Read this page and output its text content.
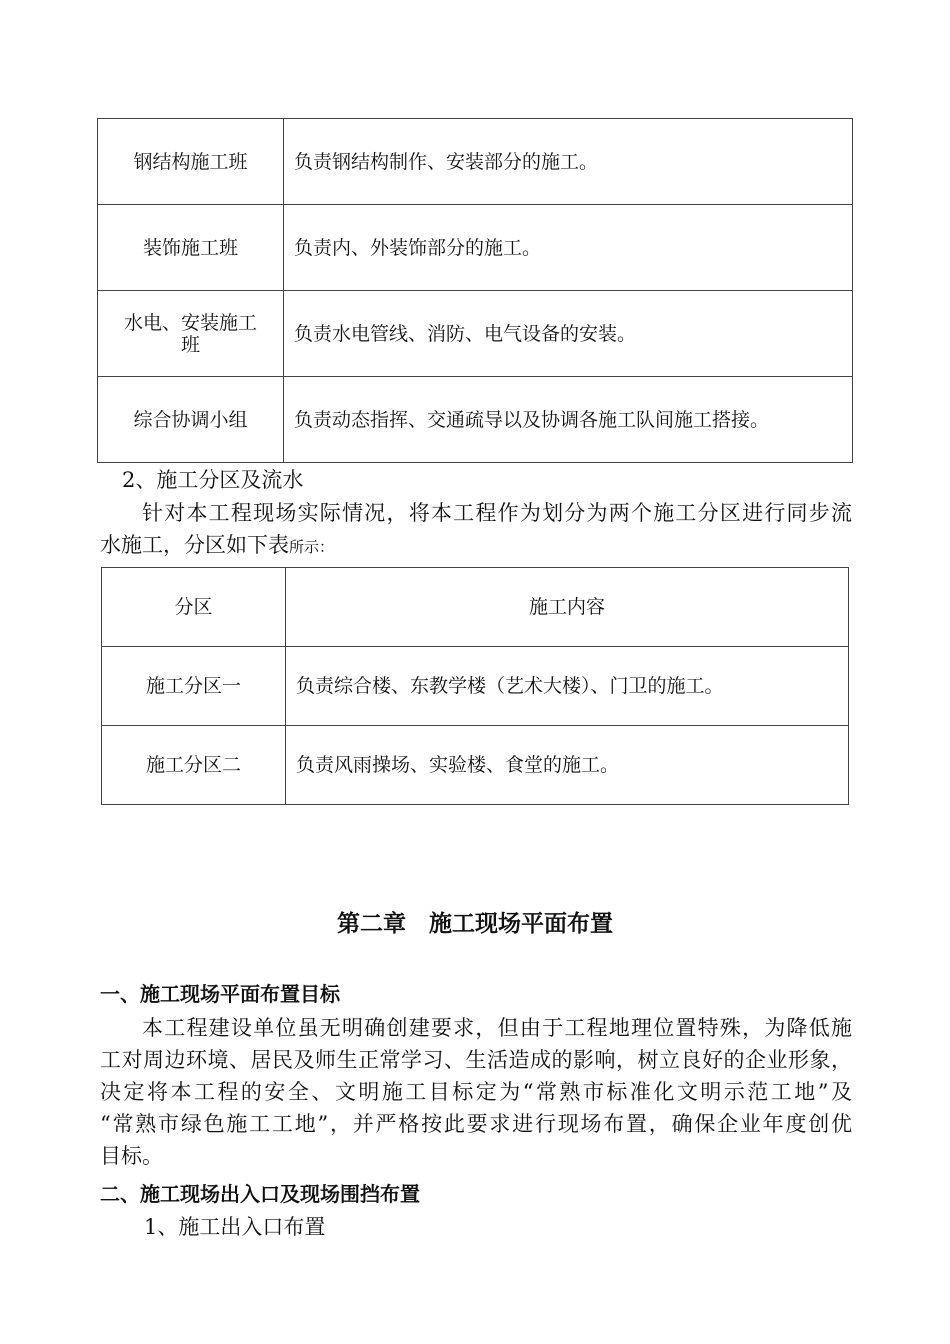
钢结构施工班	负责钢结构制作、安装部分的施工。
装饰施工班	负责内、外装饰部分的施工。

水电、安装施工
班	负责水电管线、消防、电气设备的安装。
综合协调小组	负责动态指挥、交通疏导以及协调各施工队间施工搭接。
2、施工分区及流水

针对本工程现场实际情况，将本工程作为划分为两个施工分区进行同步流

水施工，分区如下表所示：

分区	施工内容
施工分区一	负责综合楼、东教学楼（艺术大楼）、门卫的施工。
施工分区二	负责风雨操场、实验楼、食堂的施工。
第二章　施工现场平面布置
一、施工现场平面布置目标

本工程建设单位虽无明确创建要求，但由于工程地理位置特殊，为降低施

工对周边环境、居民及师生正常学习、生活造成的影响，树立良好的企业形象，

决定将本工程的安全、文明施工目标定为“常熟市标准化文明示范工地”及

“常熟市绿色施工工地”，并严格按此要求进行现场布置，确保企业年度创优

目标。

二、施工现场出入口及现场围挡布置
1、施工出入口布置
